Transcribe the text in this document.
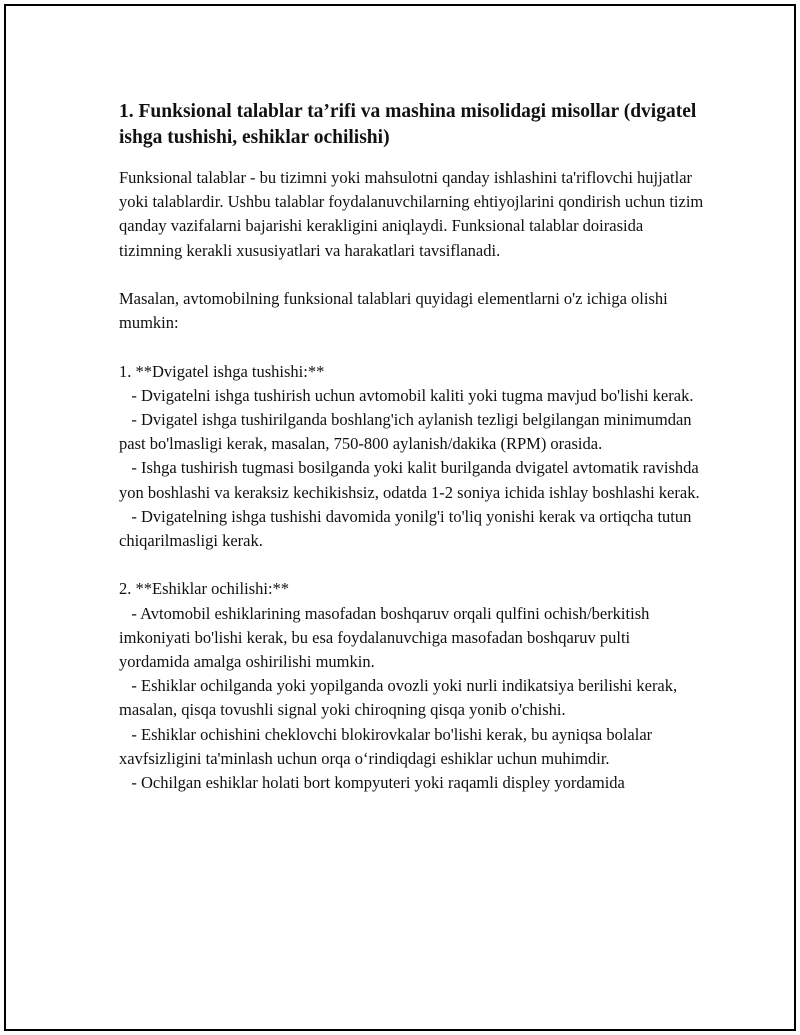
1. Funksional talablar ta’rifi va mashina misolidagi misollar (dvigatel ishga tushishi, eshiklar ochilishi)
Funksional talablar - bu tizimni yoki mahsulotni qanday ishlashini ta'riflovchi hujjatlar yoki talablardir. Ushbu talablar foydalanuvchilarning ehtiyojlarini qondirish uchun tizim qanday vazifalarni bajarishi kerakligini aniqlaydi. Funksional talablar doirasida tizimning kerakli xususiyatlari va harakatlari tavsiflanadi.
Masalan, avtomobilning funksional talablari quyidagi elementlarni o'z ichiga olishi mumkin:
1. **Dvigatel ishga tushishi:**
- Dvigatelni ishga tushirish uchun avtomobil kaliti yoki tugma mavjud bo'lishi kerak.
- Dvigatel ishga tushirilganda boshlang'ich aylanish tezligi belgilangan minimumdan past bo'lmasligi kerak, masalan, 750-800 aylanish/dakika (RPM) orasida.
- Ishga tushirish tugmasi bosilganda yoki kalit burilganda dvigatel avtomatik ravishda yon boshlashi va keraksiz kechikishsiz, odatda 1-2 soniya ichida ishlay boshlashi kerak.
- Dvigatelning ishga tushishi davomida yonilg'i to'liq yonishi kerak va ortiqcha tutun chiqarilmasligi kerak.
2. **Eshiklar ochilishi:**
- Avtomobil eshiklarining masofadan boshqaruv orqali qulfini ochish/berkitish imkoniyati bo'lishi kerak, bu esa foydalanuvchiga masofadan boshqaruv pulti yordamida amalga oshirilishi mumkin.
- Eshiklar ochilganda yoki yopilganda ovozli yoki nurli indikatsiya berilishi kerak, masalan, qisqa tovushli signal yoki chiroqning qisqa yonib o'chishi.
- Eshiklar ochishini cheklovchi blokirovkalar bo'lishi kerak, bu ayniqsa bolalar xavfsizligini ta'minlash uchun orqa o‘rindiqdagi eshiklar uchun muhimdir.
- Ochilgan eshiklar holati bort kompyuteri yoki raqamli displey yordamida
